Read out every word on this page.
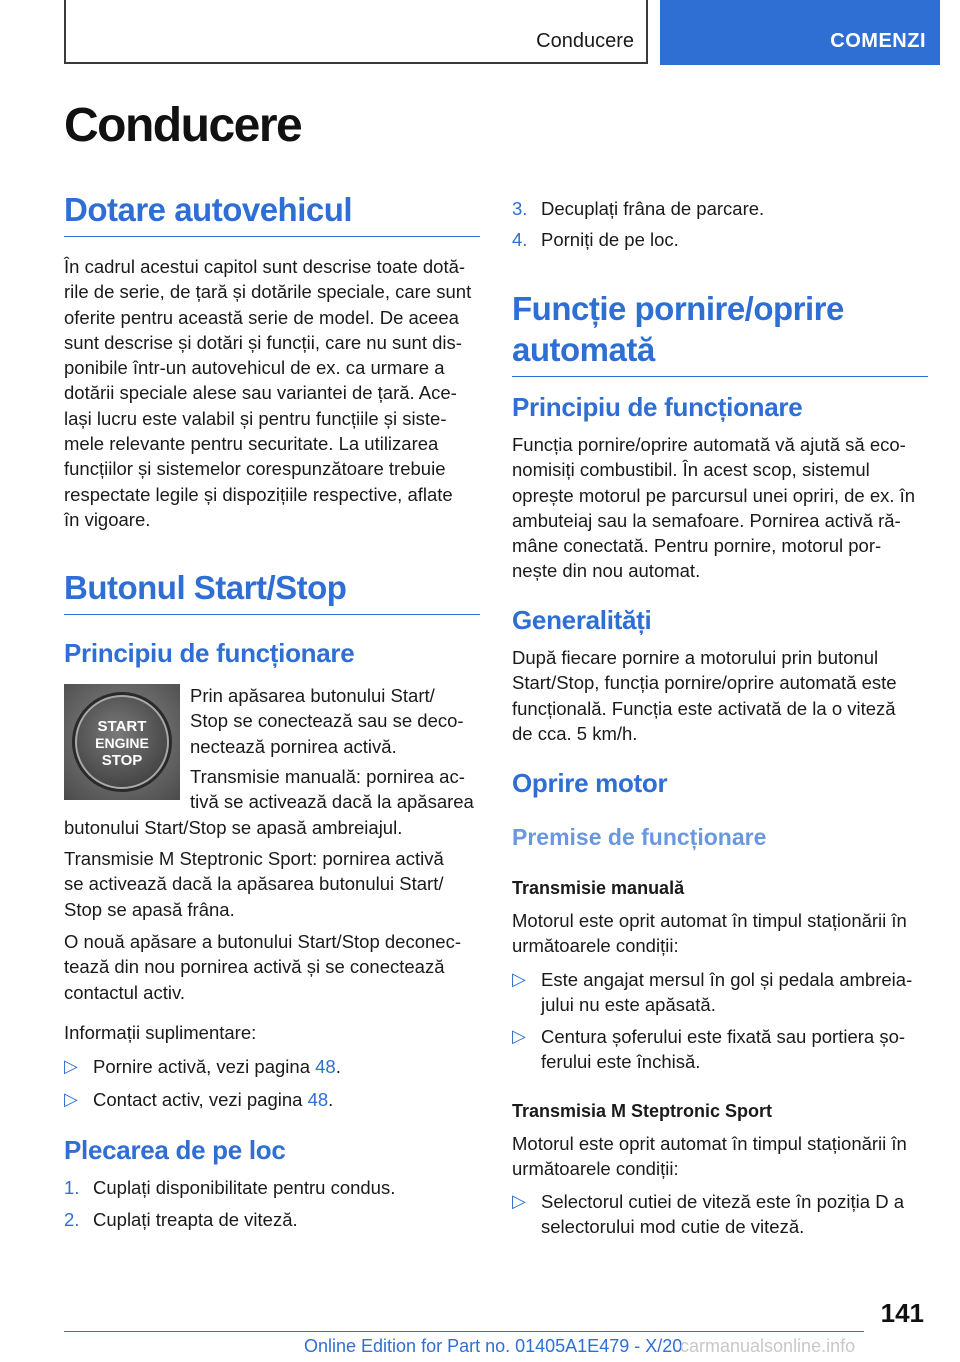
Conducere	COMENZI
Conducere
Dotare autovehicul
În cadrul acestui capitol sunt descrise toate dotă‐
rile de serie, de țară și dotările speciale, care sunt
oferite pentru această serie de model. De aceea
sunt descrise și dotări și funcții, care nu sunt dis‐
ponibile într-un autovehicul de ex. ca urmare a
dotării speciale alese sau variantei de țară. Ace‐
lași lucru este valabil și pentru funcțiile și siste‐
mele relevante pentru securitate. La utilizarea
funcțiilor și sistemelor corespunzătoare trebuie
respectate legile și dispozițiile respective, aflate
în vigoare.
Butonul Start/Stop
Principiu de funcționare
START
ENGINE
STOP
Prin apăsarea butonului Start/
Stop se conectează sau se deco‐
nectează pornirea activă.
Transmisie manuală: pornirea ac‐
tivă se activează dacă la apăsarea
butonului Start/Stop se apasă ambreiajul.
Transmisie M Steptronic Sport: pornirea activă
se activează dacă la apăsarea butonului Start/
Stop se apasă frâna.
O nouă apăsare a butonului Start/Stop deconec‐
tează din nou pornirea activă și se conectează
contactul activ.
Informații suplimentare:
▷ Pornire activă, vezi pagina 48.
▷ Contact activ, vezi pagina 48.
Plecarea de pe loc
1. Cuplați disponibilitate pentru condus.
2. Cuplați treapta de viteză.
3. Decuplați frâna de parcare.
4. Porniți de pe loc.
Funcție pornire/oprire
automată
Principiu de funcționare
Funcția pornire/oprire automată vă ajută să eco‐
nomisiți combustibil. În acest scop, sistemul
oprește motorul pe parcursul unei opriri, de ex. în
ambuteiaj sau la semafoare. Pornirea activă ră‐
mâne conectată. Pentru pornire, motorul por‐
nește din nou automat.
Generalități
După fiecare pornire a motorului prin butonul
Start/Stop, funcția pornire/oprire automată este
funcțională. Funcția este activată de la o viteză
de cca. 5 km/h.
Oprire motor
Premise de funcționare
Transmisie manuală
Motorul este oprit automat în timpul staționării în
următoarele condiții:
▷ Este angajat mersul în gol și pedala ambreia‐
jului nu este apăsată.
▷ Centura șoferului este fixată sau portiera șo‐
ferului este închisă.
Transmisia M Steptronic Sport
Motorul este oprit automat în timpul staționării în
următoarele condiții:
▷ Selectorul cutiei de viteză este în poziția D a
selectorului mod cutie de viteză.
141
Online Edition for Part no. 01405A1E479 - X/20
carmanualsonline.info
